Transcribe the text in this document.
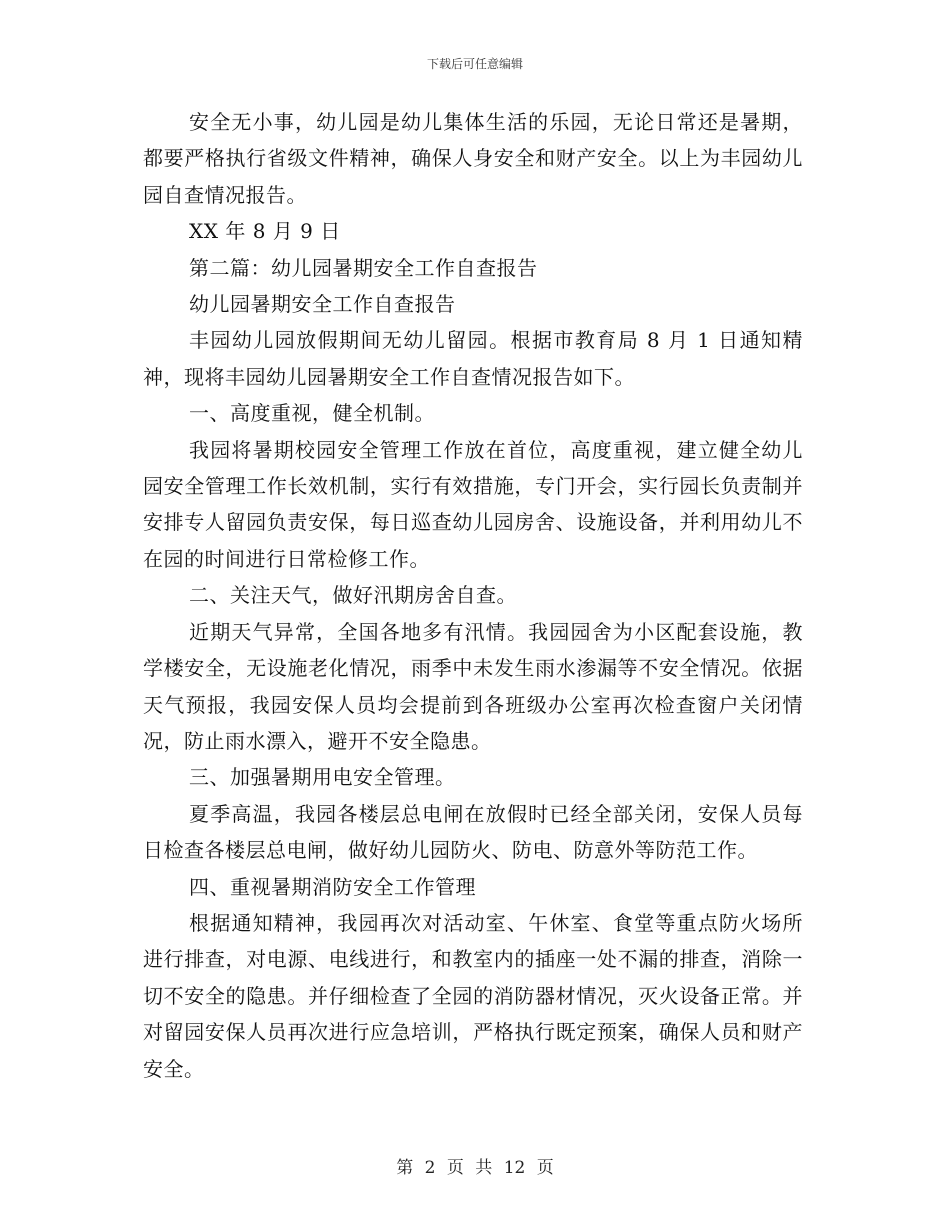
下载后可任意编辑

安全无小事，幼儿园是幼儿集体生活的乐园，无论日常还是暑期，都要严格执行省级文件精神，确保人身安全和财产安全。以上为丰园幼儿园自查情况报告。

XX 年 8 月 9 日

第二篇：幼儿园暑期安全工作自查报告

幼儿园暑期安全工作自查报告

丰园幼儿园放假期间无幼儿留园。根据市教育局 8 月 1 日通知精神，现将丰园幼儿园暑期安全工作自查情况报告如下。

一、高度重视，健全机制。

我园将暑期校园安全管理工作放在首位，高度重视，建立健全幼儿园安全管理工作长效机制，实行有效措施，专门开会，实行园长负责制并安排专人留园负责安保，每日巡查幼儿园房舍、设施设备，并利用幼儿不在园的时间进行日常检修工作。

二、关注天气，做好汛期房舍自查。

近期天气异常，全国各地多有汛情。我园园舍为小区配套设施，教学楼安全，无设施老化情况，雨季中未发生雨水渗漏等不安全情况。依据天气预报，我园安保人员均会提前到各班级办公室再次检查窗户关闭情况，防止雨水漂入，避开不安全隐患。

三、加强暑期用电安全管理。

夏季高温，我园各楼层总电闸在放假时已经全部关闭，安保人员每日检查各楼层总电闸，做好幼儿园防火、防电、防意外等防范工作。

四、重视暑期消防安全工作管理

根据通知精神，我园再次对活动室、午休室、食堂等重点防火场所进行排查，对电源、电线进行，和教室内的插座一处不漏的排查，消除一切不安全的隐患。并仔细检查了全园的消防器材情况，灭火设备正常。并对留园安保人员再次进行应急培训，严格执行既定预案，确保人员和财产安全。

第 2 页 共 12 页
